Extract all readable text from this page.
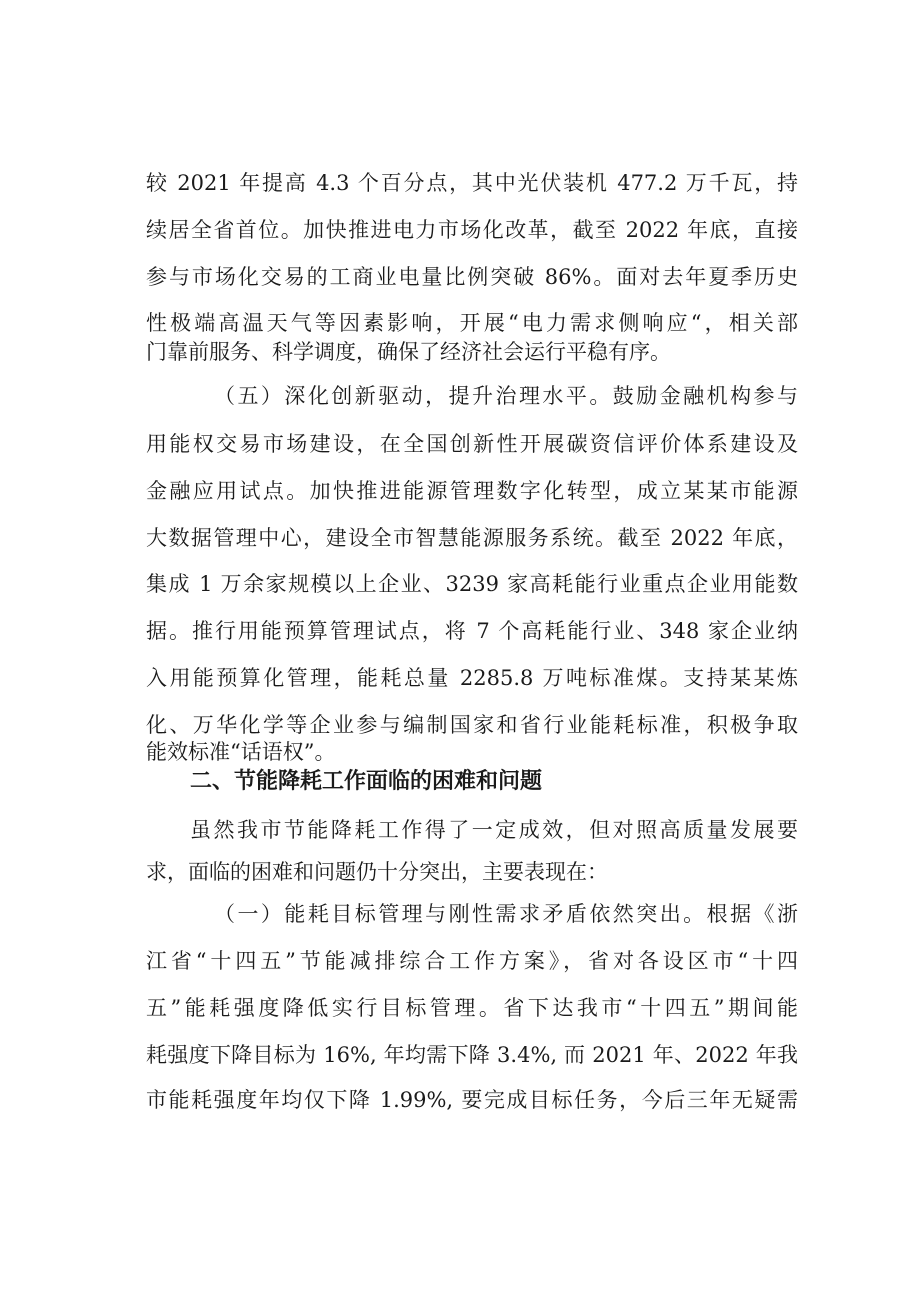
较 2021 年提高 4.3 个百分点，其中光伏装机 477.2 万千瓦，持
续居全省首位。加快推进电力市场化改革，截至 2022 年底，直接
参与市场化交易的工商业电量比例突破 86%。面对去年夏季历史
性极端高温天气等因素影响，开展“电力需求侧响应“，相关部
门靠前服务、科学调度，确保了经济社会运行平稳有序。
（五）深化创新驱动，提升治理水平。鼓励金融机构参与
用能权交易市场建设，在全国创新性开展碳资信评价体系建设及
金融应用试点。加快推进能源管理数字化转型，成立某某市能源
大数据管理中心，建设全市智慧能源服务系统。截至 2022 年底，
集成 1 万余家规模以上企业、3239 家高耗能行业重点企业用能数
据。推行用能预算管理试点，将 7 个高耗能行业、348 家企业纳
入用能预算化管理，能耗总量 2285.8 万吨标准煤。支持某某炼
化、万华化学等企业参与编制国家和省行业能耗标准，积极争取
能效标准“话语权”。
二、节能降耗工作面临的困难和问题
虽然我市节能降耗工作得了一定成效，但对照高质量发展要
求，面临的困难和问题仍十分突出，主要表现在：
（一）能耗目标管理与刚性需求矛盾依然突出。根据《浙
江省“十四五”节能减排综合工作方案》，省对各设区市“十四
五”能耗强度降低实行目标管理。省下达我市“十四五”期间能
耗强度下降目标为 16%, 年均需下降 3.4%, 而 2021 年、2022 年我
市能耗强度年均仅下降 1.99%, 要完成目标任务，今后三年无疑需
